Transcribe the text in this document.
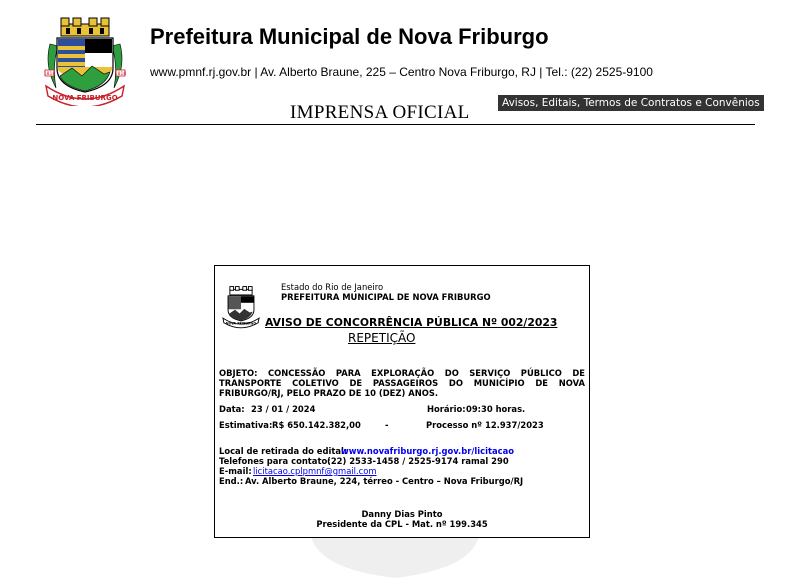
NOVA FRIBURGO
1818	1818
Prefeitura Municipal de Nova Friburgo
www.pmnf.rj.gov.br | Av. Alberto Braune, 225 – Centro Nova Friburgo, RJ | Tel.: (22) 2525-9100
IMPRENSA OFICIAL	Avisos, Editais, Termos de Contratos e Convênios
NOVA FRIBURGO
Estado do Rio de Janeiro
PREFEITURA MUNICIPAL DE NOVA FRIBURGO
AVISO DE CONCORRÊNCIA PÚBLICA Nº 002/2023
REPETIÇÃO
OBJETO: CONCESSÃO PARA EXPLORAÇÃO DO SERVIÇO PÚBLICO DE TRANSPORTE COLETIVO DE PASSAGEIROS DO MUNICÍPIO DE NOVA FRIBURGO/RJ, PELO PRAZO DE 10 (DEZ) ANOS.
Data: 23 / 01 / 2024	Horário: 09:30 horas.
Estimativa: R$ 650.142.382,00	-	Processo nº 12.937/2023
Local de retirada do edital:
www.novafriburgo.rj.gov.br/licitacao
Telefones para contato:
(22) 2533-1458 / 2525-9174 ramal 290
E-mail: licitacao.cplpmnf@gmail.com
End.: Av. Alberto Braune, 224, térreo - Centro – Nova Friburgo/RJ
Danny Dias Pinto
Presidente da CPL - Mat. nº 199.345
